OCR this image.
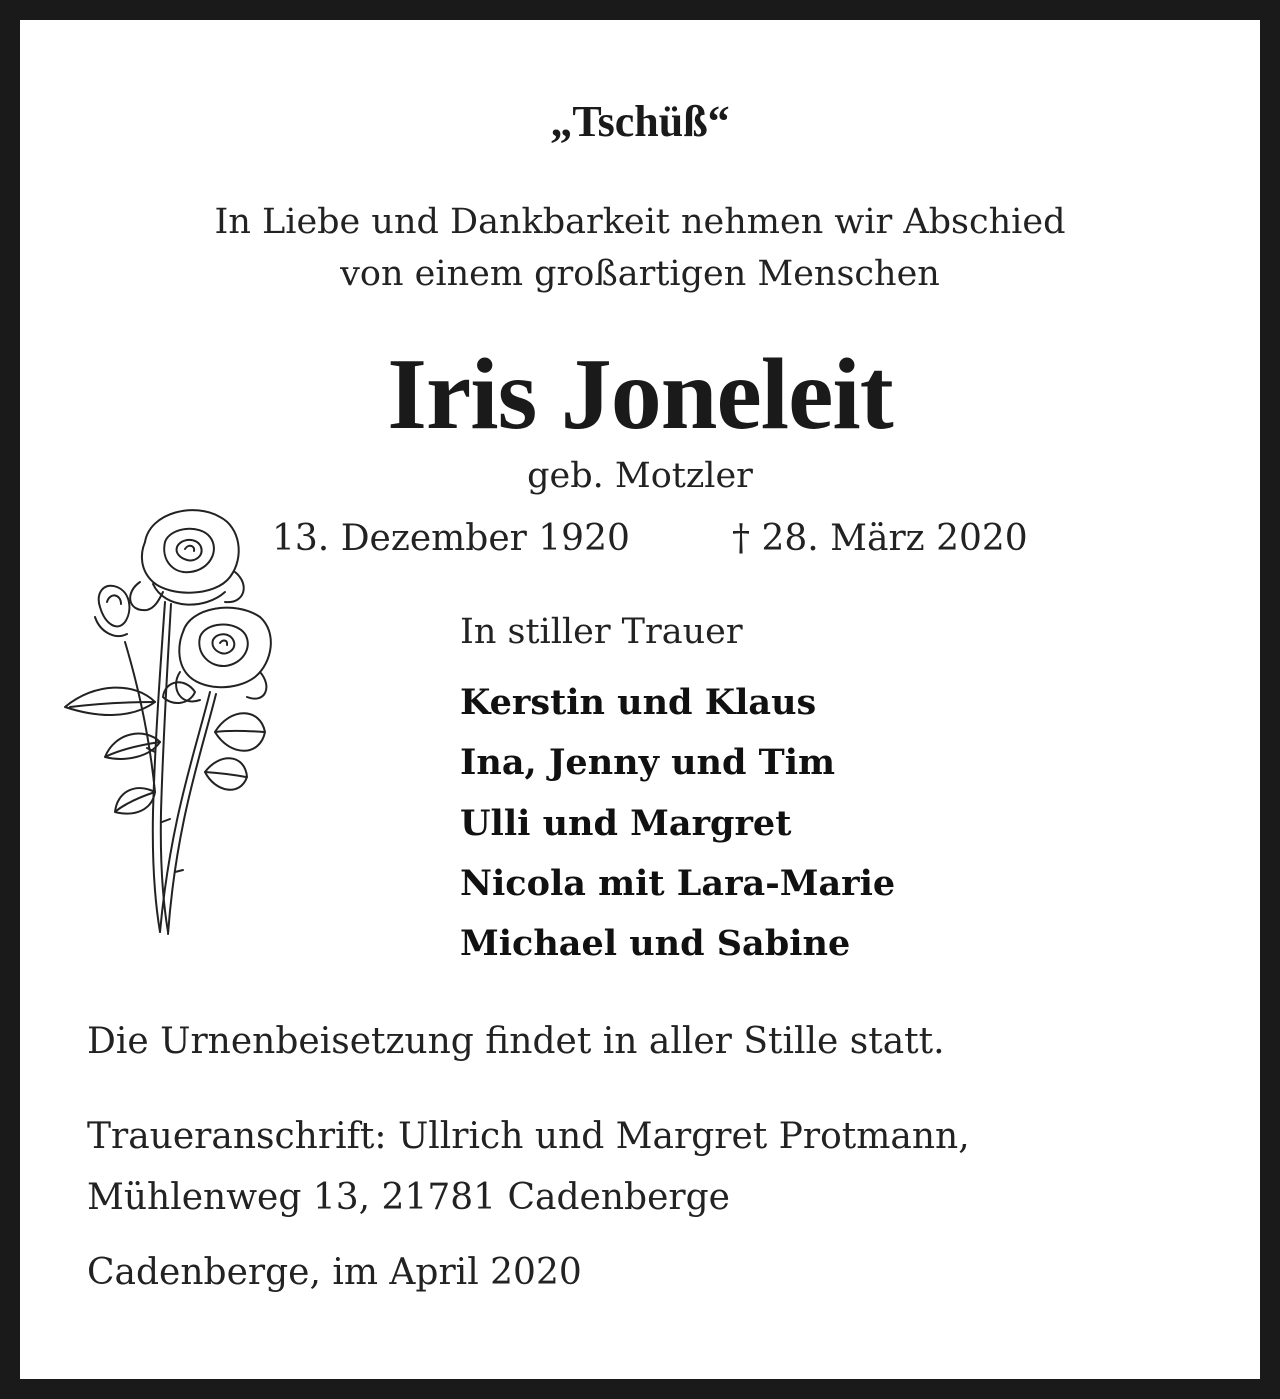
„Tschüß“
In Liebe und Dankbarkeit nehmen wir Abschied
von einem großartigen Menschen
Iris Joneleit
geb. Motzler
13. Dezember 1920	† 28. März 2020
In stiller Trauer
Kerstin und Klaus
Ina, Jenny und Tim
Ulli und Margret
Nicola mit Lara-Marie
Michael und Sabine
Die Urnenbeisetzung findet in aller Stille statt.
Traueranschrift: Ullrich und Margret Protmann,
Mühlenweg 13, 21781 Cadenberge
Cadenberge, im April 2020
